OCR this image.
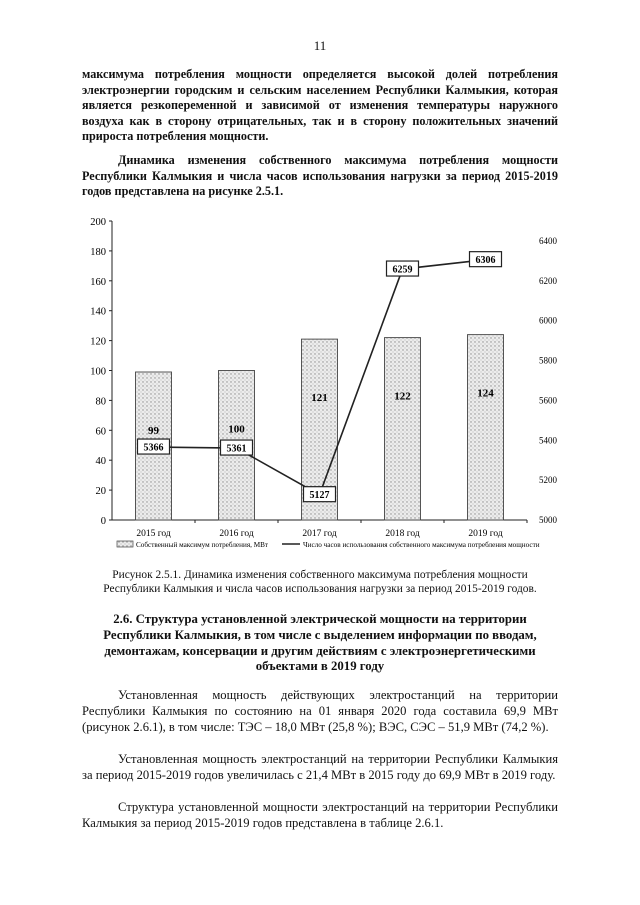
11
максимума потребления мощности определяется высокой долей потребления электроэнергии городским и сельским населением Республики Калмыкия, которая является резкопеременной и зависимой от изменения температуры наружного воздуха как в сторону отрицательных, так и в сторону положительных значений прироста потребления мощности.
Динамика изменения собственного максимума потребления мощности Республики Калмыкия и числа часов использования нагрузки за период 2015-2019 годов представлена на рисунке 2.5.1.
0
20
40
60
80
100
120
140
160
180
200
5000
5200
5400
5600
5800
6000
6200
6400
2015 год	2016 год	2017 год	2018 год	2019 год
99	100
121	122	124
5366	5361
5127
6259
6306
Собственный максимум потребления, МВт	Число часов использования собственного максимума потребления мощности
Рисунок 2.5.1. Динамика изменения собственного максимума потребления мощности
Республики Калмыкия и числа часов использования нагрузки за период 2015-2019 годов.
2.6. Структура установленной электрической мощности на территории Республики Калмыкия, в том числе с выделением информации по вводам, демонтажам, консервации и другим действиям с электроэнергетическими объектами в 2019 году
Установленная мощность действующих электростанций на территории Республики Калмыкия по состоянию на 01 января 2020 года составила 69,9 МВт (рисунок 2.6.1), в том числе: ТЭС – 18,0 МВт (25,8 %); ВЭС, СЭС – 51,9 МВт (74,2 %).
Установленная мощность электростанций на территории Республики Калмыкия за период 2015-2019 годов увеличилась с 21,4 МВт в 2015 году до 69,9 МВт в 2019 году.
Структура установленной мощности электростанций на территории Республики Калмыкия за период 2015-2019 годов представлена в таблице 2.6.1.
